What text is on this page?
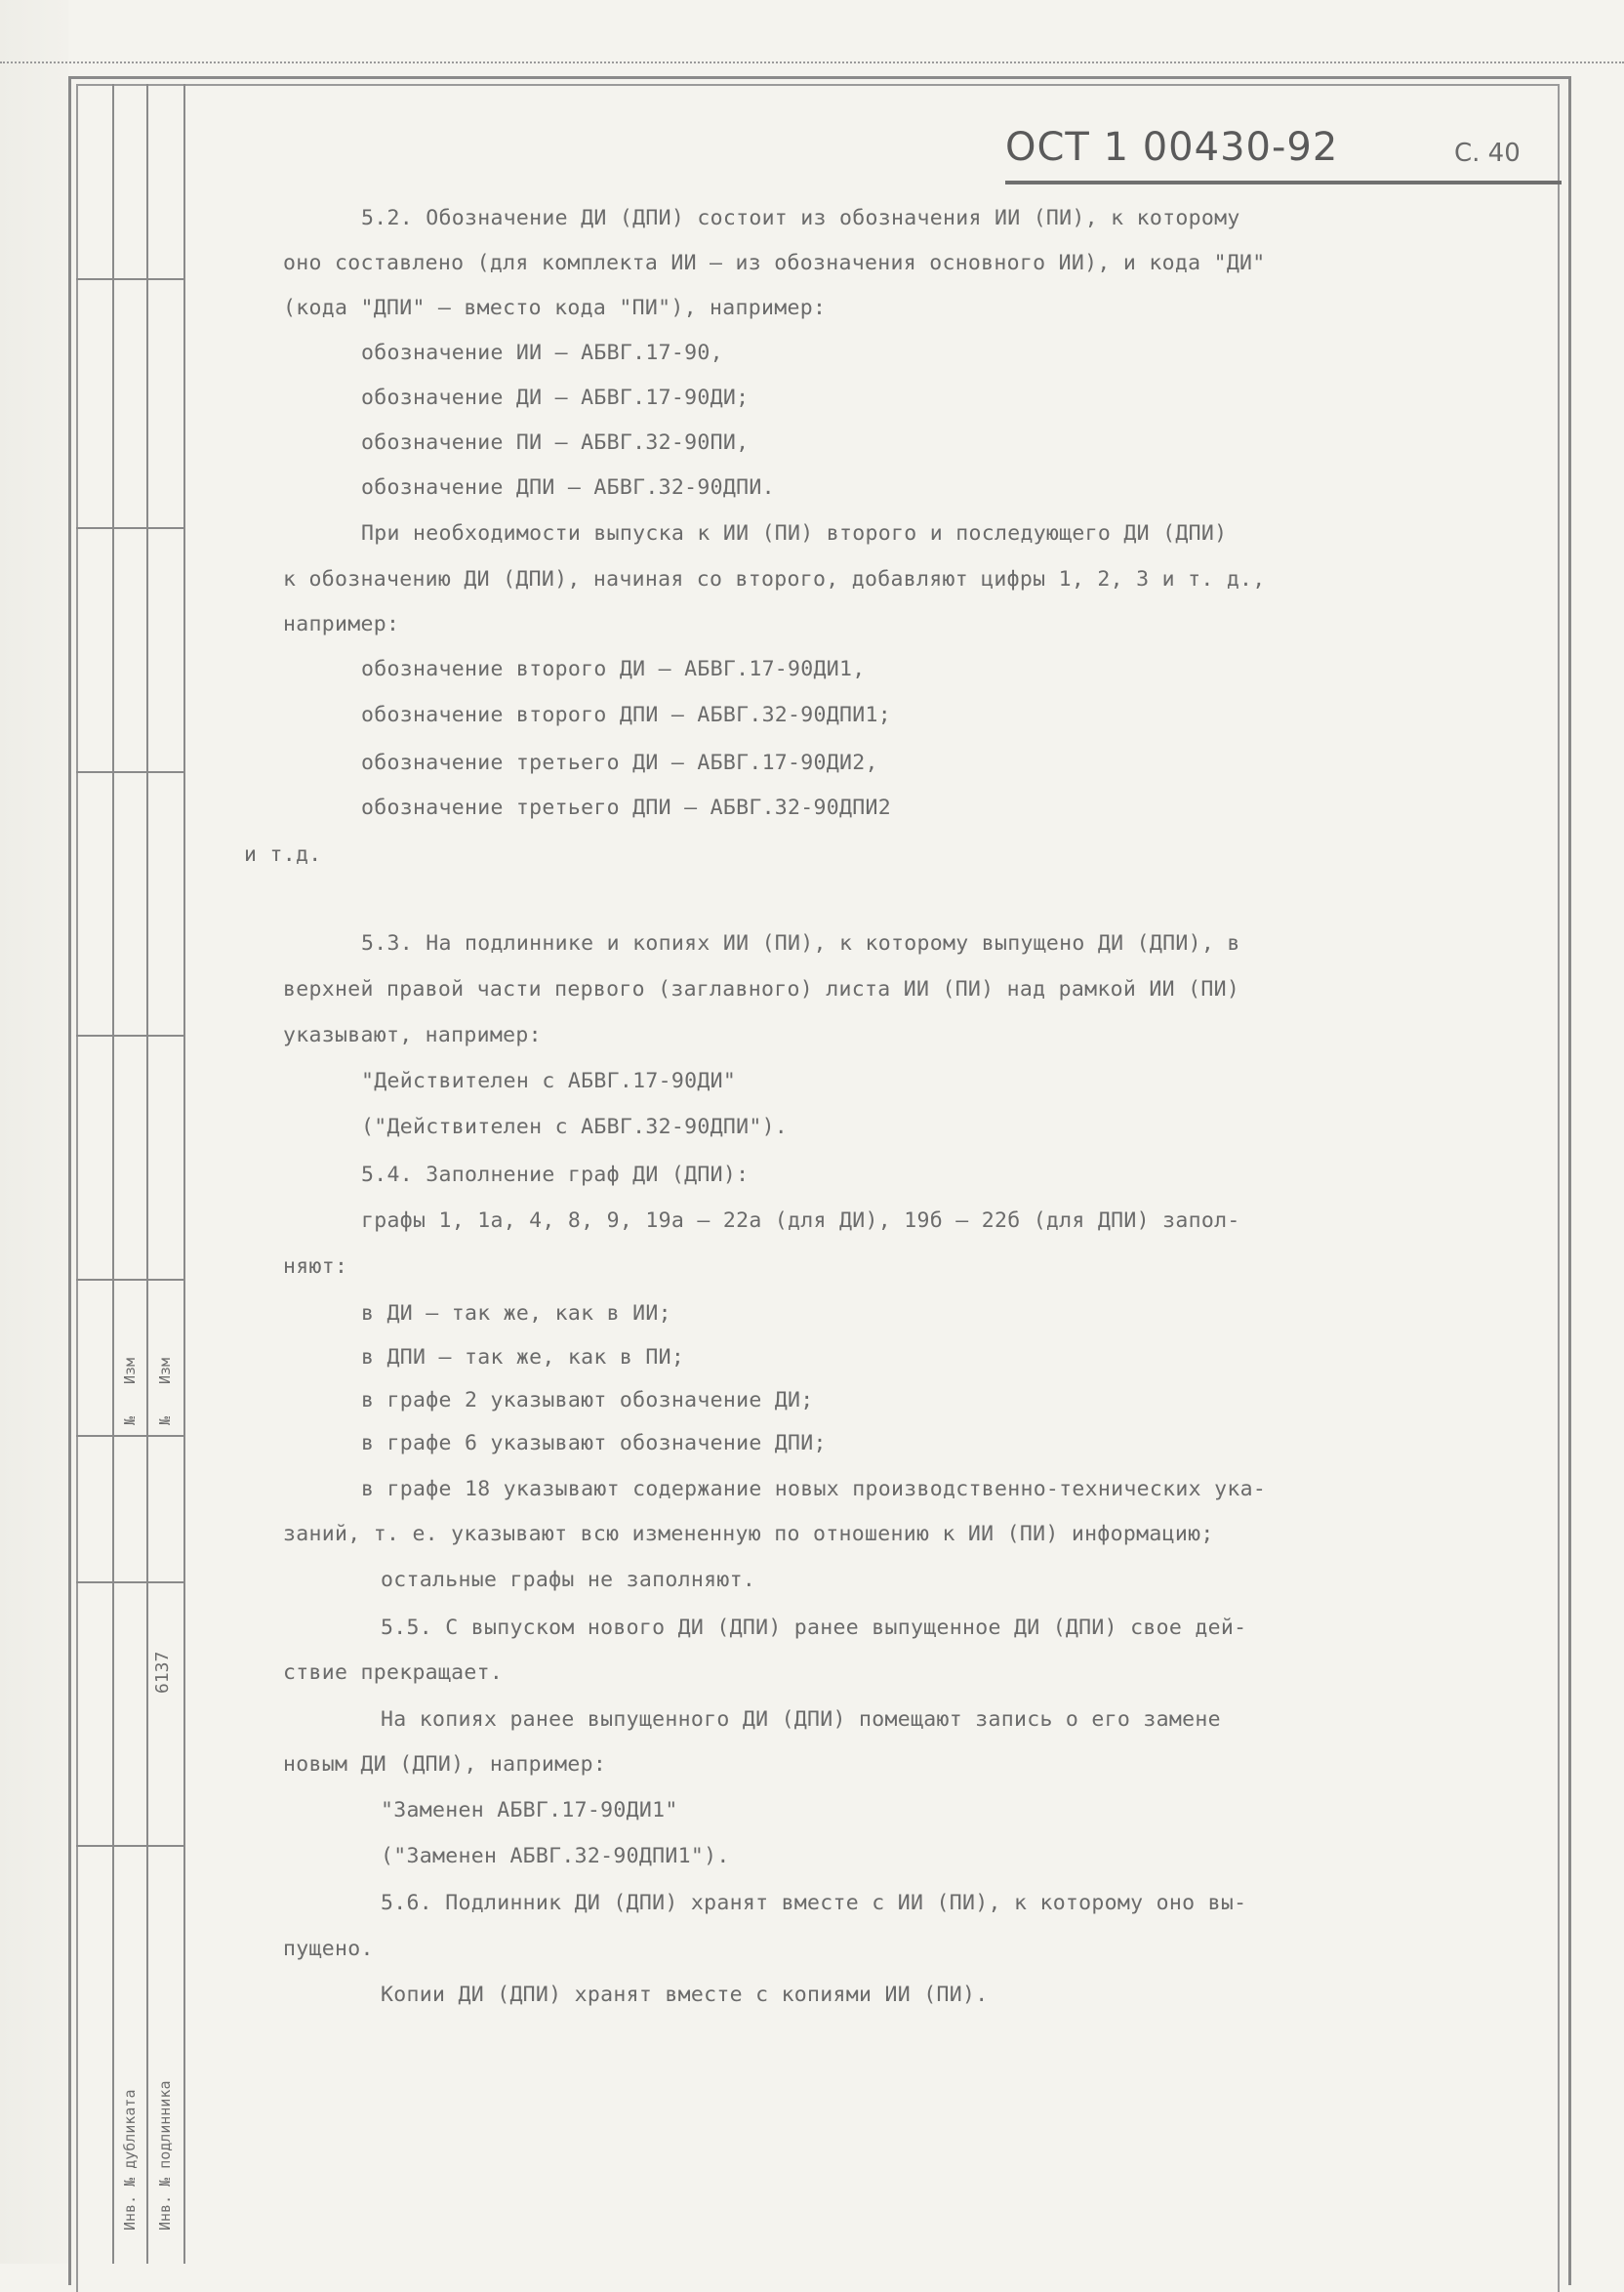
Изм Изм
№ №
6137
Инв. № дубликата Инв. № подлинника
ОСТ 1 00430-92	С. 40
5.2. Обозначение ДИ (ДПИ) состоит из обозначения ИИ (ПИ), к которому
оно составлено (для комплекта ИИ – из обозначения основного ИИ), и кода "ДИ"
(кода "ДПИ" – вместо кода "ПИ"), например:
обозначение ИИ – АБВГ.17-90,
обозначение ДИ – АБВГ.17-90ДИ;
обозначение ПИ – АБВГ.32-90ПИ,
обозначение ДПИ – АБВГ.32-90ДПИ.
При необходимости выпуска к ИИ (ПИ) второго и последующего ДИ (ДПИ)
к обозначению ДИ (ДПИ), начиная со второго, добавляют цифры 1, 2, 3 и т. д.,
например:
обозначение второго ДИ – АБВГ.17-90ДИ1,
обозначение второго ДПИ – АБВГ.32-90ДПИ1;
обозначение третьего ДИ – АБВГ.17-90ДИ2,
обозначение третьего ДПИ – АБВГ.32-90ДПИ2
и т.д.
5.3. На подлиннике и копиях ИИ (ПИ), к которому выпущено ДИ (ДПИ), в
верхней правой части первого (заглавного) листа ИИ (ПИ) над рамкой ИИ (ПИ)
указывают, например:
"Действителен с АБВГ.17-90ДИ"
("Действителен с АБВГ.32-90ДПИ").
5.4. Заполнение граф ДИ (ДПИ):
графы 1, 1а, 4, 8, 9, 19а – 22а (для ДИ), 19б – 22б (для ДПИ) запол-
няют:
в ДИ – так же, как в ИИ;
в ДПИ – так же, как в ПИ;
в графе 2 указывают обозначение ДИ;
в графе 6 указывают обозначение ДПИ;
в графе 18 указывают содержание новых производственно-технических ука-
заний, т. е. указывают всю измененную по отношению к ИИ (ПИ) информацию;
остальные графы не заполняют.
5.5. С выпуском нового ДИ (ДПИ) ранее выпущенное ДИ (ДПИ) свое дей-
ствие прекращает.
На копиях ранее выпущенного ДИ (ДПИ) помещают запись о его замене
новым ДИ (ДПИ), например:
"Заменен АБВГ.17-90ДИ1"
("Заменен АБВГ.32-90ДПИ1").
5.6. Подлинник ДИ (ДПИ) хранят вместе с ИИ (ПИ), к которому оно вы-
пущено.
Копии ДИ (ДПИ) хранят вместе с копиями ИИ (ПИ).
